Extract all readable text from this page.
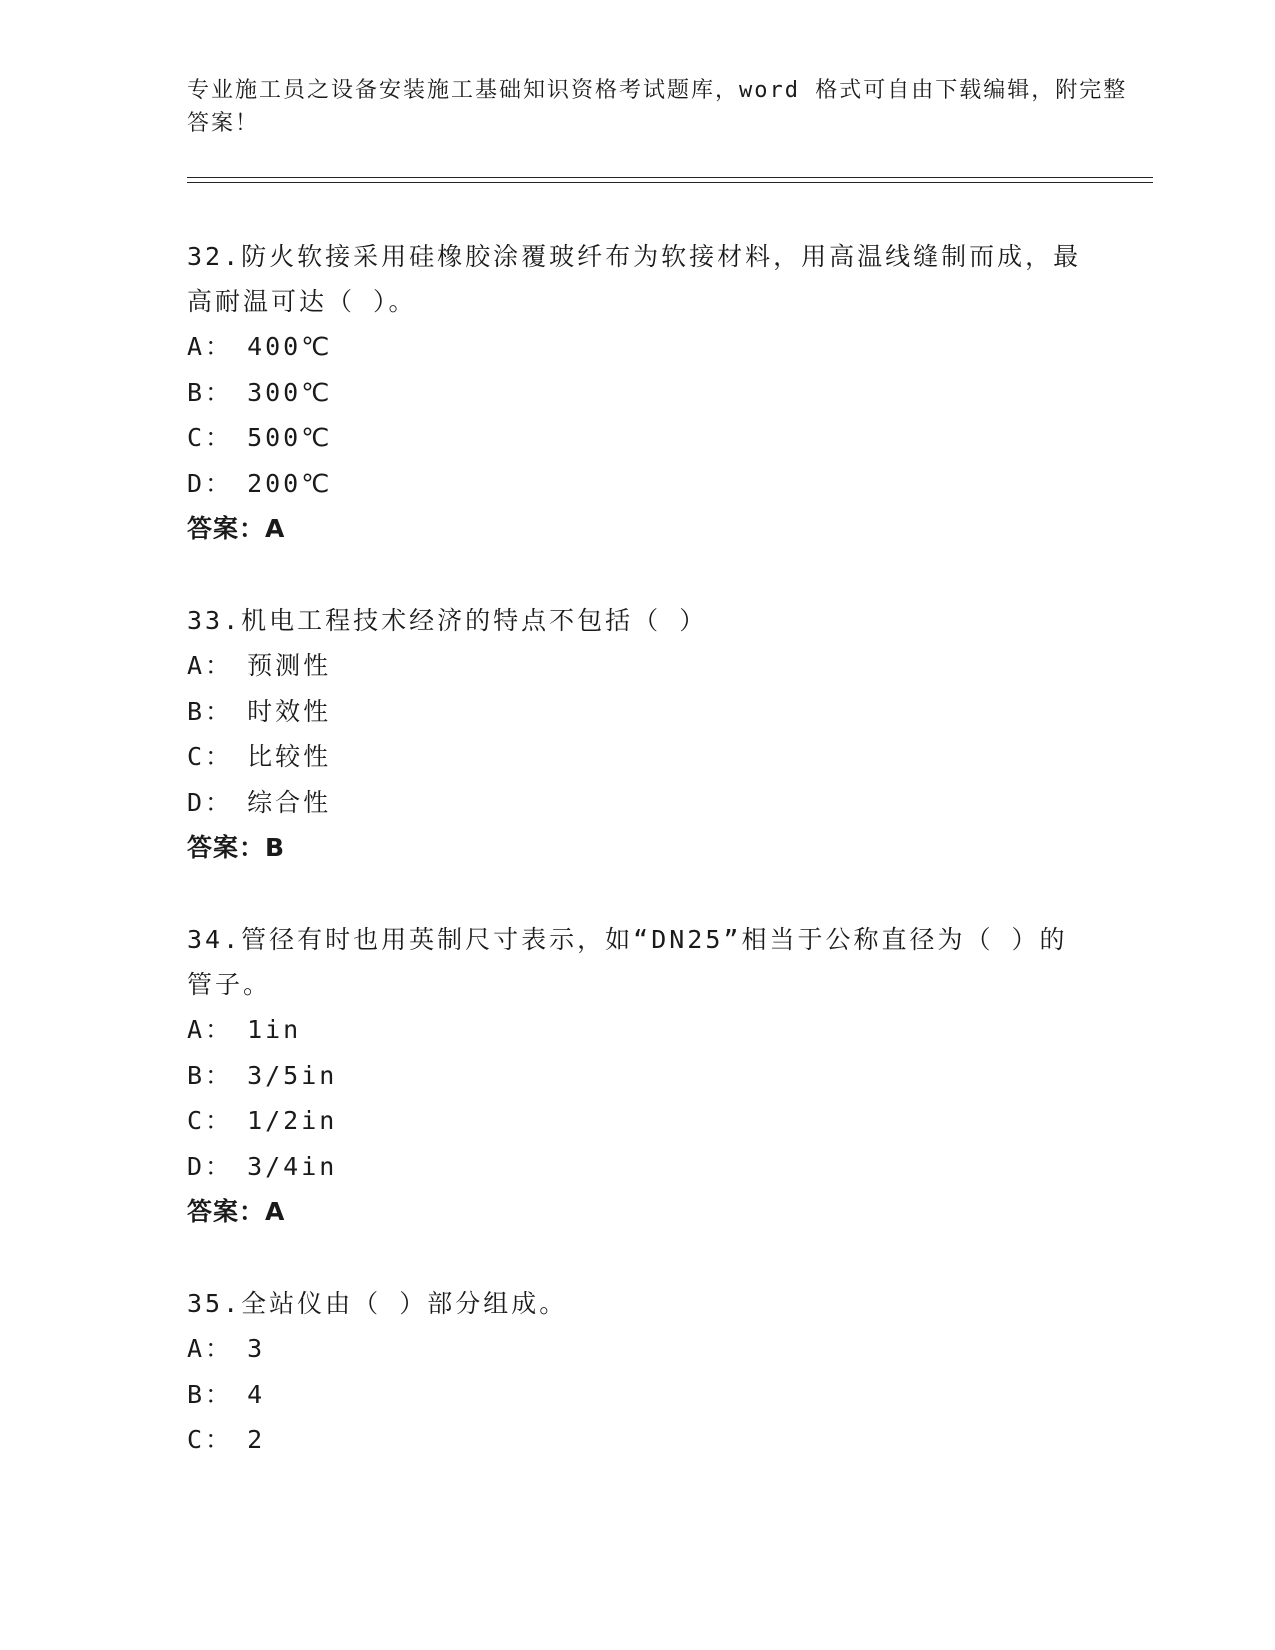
专业施工员之设备安装施工基础知识资格考试题库，word 格式可自由下载编辑，附完整答案！

32.防火软接采用硅橡胶涂覆玻纤布为软接材料，用高温线缝制而成，最高耐温可达（ ）。

A： 400℃

B： 300℃

C： 500℃

D： 200℃

答案：A

33.机电工程技术经济的特点不包括（ ）

A： 预测性

B： 时效性

C： 比较性

D： 综合性

答案：B

34.管径有时也用英制尺寸表示，如“DN25”相当于公称直径为（ ）的管子。

A： 1in

B： 3/5in

C： 1/2in

D： 3/4in

答案：A

35.全站仪由（ ）部分组成。

A： 3

B： 4

C： 2
